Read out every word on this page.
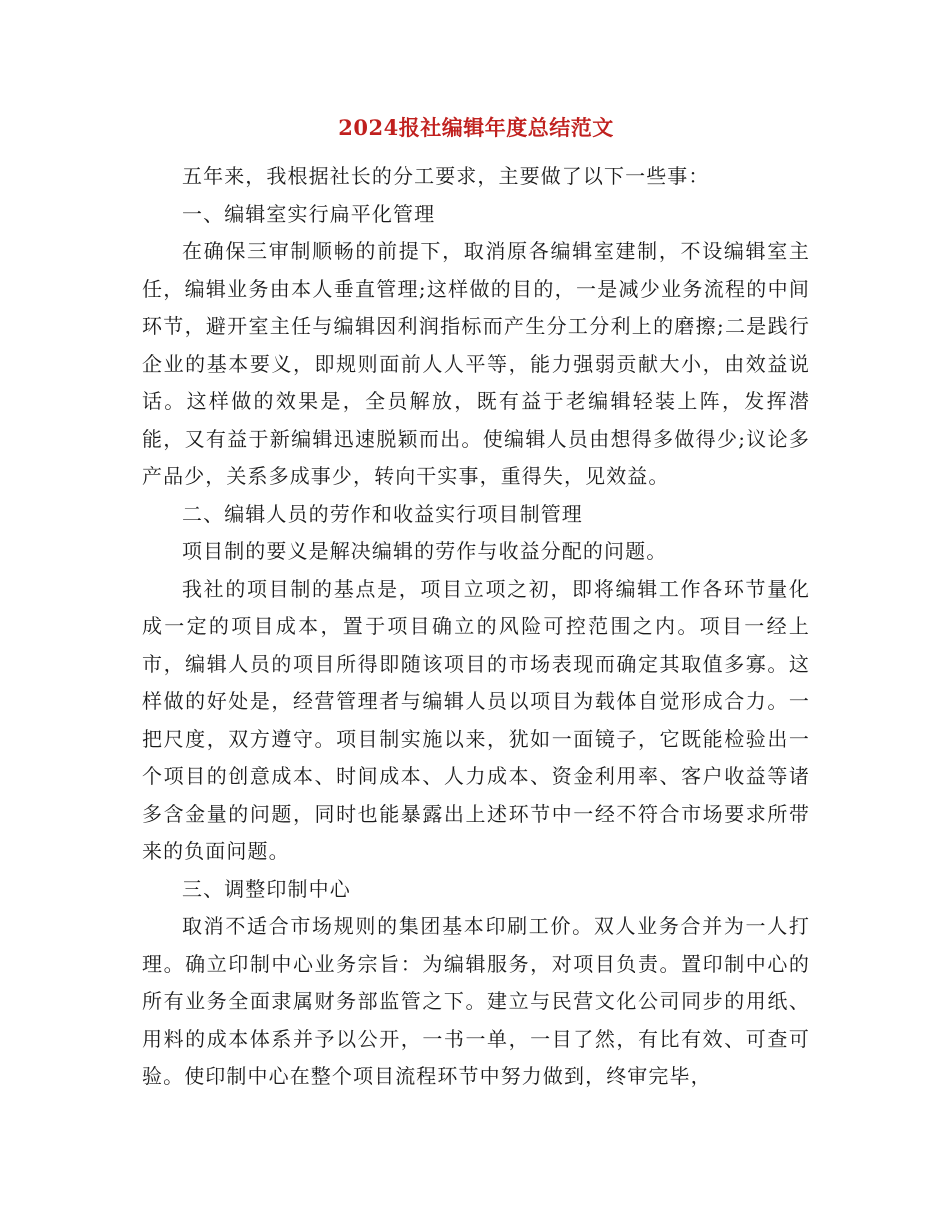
2024报社编辑年度总结范文

五年来，我根据社长的分工要求，主要做了以下一些事：

一、编辑室实行扁平化管理

在确保三审制顺畅的前提下，取消原各编辑室建制，不设编辑室主任，编辑业务由本人垂直管理;这样做的目的，一是减少业务流程的中间环节，避开室主任与编辑因利润指标而产生分工分利上的磨擦;二是践行企业的基本要义，即规则面前人人平等，能力强弱贡献大小，由效益说话。这样做的效果是，全员解放，既有益于老编辑轻装上阵，发挥潜能，又有益于新编辑迅速脱颖而出。使编辑人员由想得多做得少;议论多产品少，关系多成事少，转向干实事，重得失，见效益。

二、编辑人员的劳作和收益实行项目制管理

项目制的要义是解决编辑的劳作与收益分配的问题。

我社的项目制的基点是，项目立项之初，即将编辑工作各环节量化成一定的项目成本，置于项目确立的风险可控范围之内。项目一经上市，编辑人员的项目所得即随该项目的市场表现而确定其取值多寡。这样做的好处是，经营管理者与编辑人员以项目为载体自觉形成合力。一把尺度，双方遵守。项目制实施以来，犹如一面镜子，它既能检验出一个项目的创意成本、时间成本、人力成本、资金利用率、客户收益等诸多含金量的问题，同时也能暴露出上述环节中一经不符合市场要求所带来的负面问题。

三、调整印制中心

取消不适合市场规则的集团基本印刷工价。双人业务合并为一人打理。确立印制中心业务宗旨：为编辑服务，对项目负责。置印制中心的所有业务全面隶属财务部监管之下。建立与民营文化公司同步的用纸、用料的成本体系并予以公开，一书一单，一目了然，有比有效、可查可验。使印制中心在整个项目流程环节中努力做到，终审完毕，
